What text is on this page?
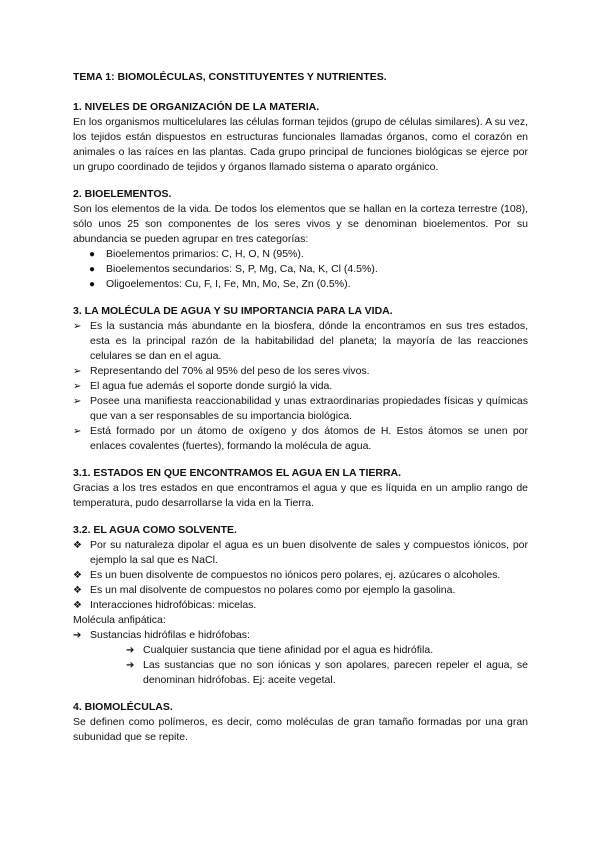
TEMA 1: BIOMOLÉCULAS, CONSTITUYENTES Y NUTRIENTES.
1. NIVELES DE ORGANIZACIÓN DE LA MATERIA.

En los organismos multicelulares las células forman tejidos (grupo de células similares). A su vez, los tejidos están dispuestos en estructuras funcionales llamadas órganos, como el corazón en animales o las raíces en las plantas. Cada grupo principal de funciones biológicas se ejerce por un grupo coordinado de tejidos y órganos llamado sistema o aparato orgánico.

2. BIOELEMENTOS.

Son los elementos de la vida. De todos los elementos que se hallan en la corteza terrestre (108), sólo unos 25 son componentes de los seres vivos y se denominan bioelementos. Por su abundancia se pueden agrupar en tres categorías:

● Bioelementos primarios: C, H, O, N (95%).
● Bioelementos secundarios: S, P, Mg, Ca, Na, K, Cl (4.5%).
● Oligoelementos: Cu, F, I, Fe, Mn, Mo, Se, Zn (0.5%).
3. LA MOLÉCULA DE AGUA Y SU IMPORTANCIA PARA LA VIDA.
➢ Es la sustancia más abundante en la biosfera, dónde la encontramos en sus tres estados, esta es la principal razón de la habitabilidad del planeta; la mayoría de las reacciones celulares se dan en el agua.
➢ Representando del 70% al 95% del peso de los seres vivos.
➢ El agua fue además el soporte donde surgió la vida.
➢ Posee una manifiesta reaccionabilidad y unas extraordinarias propiedades físicas y químicas que van a ser responsables de su importancia biológica.
➢ Está formado por un átomo de oxígeno y dos átomos de H. Estos átomos se unen por enlaces covalentes (fuertes), formando la molécula de agua.
3.1. ESTADOS EN QUE ENCONTRAMOS EL AGUA EN LA TIERRA.

Gracias a los tres estados en que encontramos el agua y que es líquida en un amplio rango de temperatura, pudo desarrollarse la vida en la Tierra.

3.2. EL AGUA COMO SOLVENTE.
❖ Por su naturaleza dipolar el agua es un buen disolvente de sales y compuestos iónicos, por ejemplo la sal que es NaCl.
❖ Es un buen disolvente de compuestos no iónicos pero polares, ej. azúcares o alcoholes.
❖ Es un mal disolvente de compuestos no polares como por ejemplo la gasolina.
❖ Interacciones hidrofóbicas: micelas.
Molécula anfipática:
➔ Sustancias hidrófilas e hidrófobas:
➔ Cualquier sustancia que tiene afinidad por el agua es hidrófila.
➔ Las sustancias que no son iónicas y son apolares, parecen repeler el agua, se denominan hidrófobas. Ej: aceite vegetal.
4. BIOMOLÉCULAS.

Se definen como polímeros, es decir, como moléculas de gran tamaño formadas por una gran subunidad que se repite.
